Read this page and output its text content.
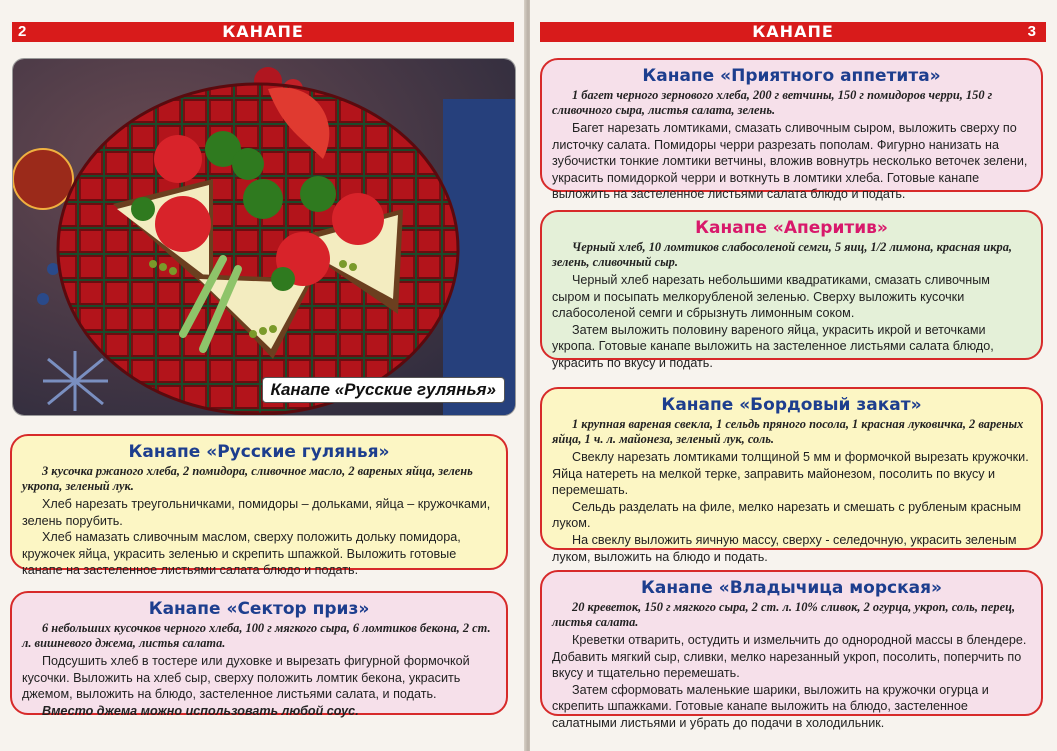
2	КАНАПЕ
Канапе «Русские гулянья»
Канапе «Русские гулянья»

3 кусочка ржаного хлеба, 2 помидора, сливочное масло, 2 вареных яйца, зелень укропа, зеленый лук.

Хлеб нарезать треугольничками, помидоры – дольками, яйца – кружочками, зелень порубить.

Хлеб намазать сливочным маслом, сверху положить дольку помидора, кружочек яйца, украсить зеленью и скрепить шпажкой. Выложить готовые канапе на застеленное листьями салата блюдо и подать.

Канапе «Сектор приз»

6 небольших кусочков черного хлеба, 100 г мягкого сыра, 6 ломтиков бекона, 2 ст. л. вишневого джема, листья салата.

Подсушить хлеб в тостере или духовке и вырезать фигурной формочкой кусочки. Выложить на хлеб сыр, сверху положить ломтик бекона, украсить джемом, выложить на блюдо, застеленное листьями салата, и подать.

Вместо джема можно использовать любой соус.

КАНАПЕ	3
Канапе «Приятного аппетита»

1 багет черного зернового хлеба, 200 г ветчины, 150 г помидоров черри, 150 г сливочного сыра, листья салата, зелень.

Багет нарезать ломтиками, смазать сливочным сыром, выложить сверху по листочку салата. Помидоры черри разрезать пополам. Фигурно нанизать на зубочистки тонкие ломтики ветчины, вложив вовнутрь несколько веточек зелени, украсить помидоркой черри и воткнуть в ломтики хлеба. Готовые канапе выложить на застеленное листьями салата блюдо и подать.

Канапе «Аперитив»

Черный хлеб, 10 ломтиков слабосоленой семги, 5 яиц, 1/2 лимона, красная икра, зелень, сливочный сыр.

Черный хлеб нарезать небольшими квадратиками, смазать сливочным сыром и посыпать мелкорубленой зеленью. Сверху выложить кусочки слабосоленой семги и сбрызнуть лимонным соком.

Затем выложить половину вареного яйца, украсить икрой и веточками укропа. Готовые канапе выложить на застеленное листьями салата блюдо, украсить по вкусу и подать.

Канапе «Бордовый закат»

1 крупная вареная свекла, 1 сельдь пряного посола, 1 красная луковичка, 2 вареных яйца, 1 ч. л. майонеза, зеленый лук, соль.

Свеклу нарезать ломтиками толщиной 5 мм и формочкой вырезать кружочки. Яйца натереть на мелкой терке, заправить майонезом, посолить по вкусу и перемешать.

Сельдь разделать на филе, мелко нарезать и смешать с рубленым красным луком.

На свеклу выложить яичную массу, сверху - селедочную, украсить зеленым луком, выложить на блюдо и подать.

Канапе «Владычица морская»

20 креветок, 150 г мягкого сыра, 2 ст. л. 10% сливок, 2 огурца, укроп, соль, перец, листья салата.

Креветки отварить, остудить и измельчить до однородной массы в блендере. Добавить мягкий сыр, сливки, мелко нарезанный укроп, посолить, поперчить по вкусу и тщательно перемешать.

Затем сформовать маленькие шарики, выложить на кружочки огурца и скрепить шпажками. Готовые канапе выложить на блюдо, застеленное салатными листьями и убрать до подачи в холодильник.
